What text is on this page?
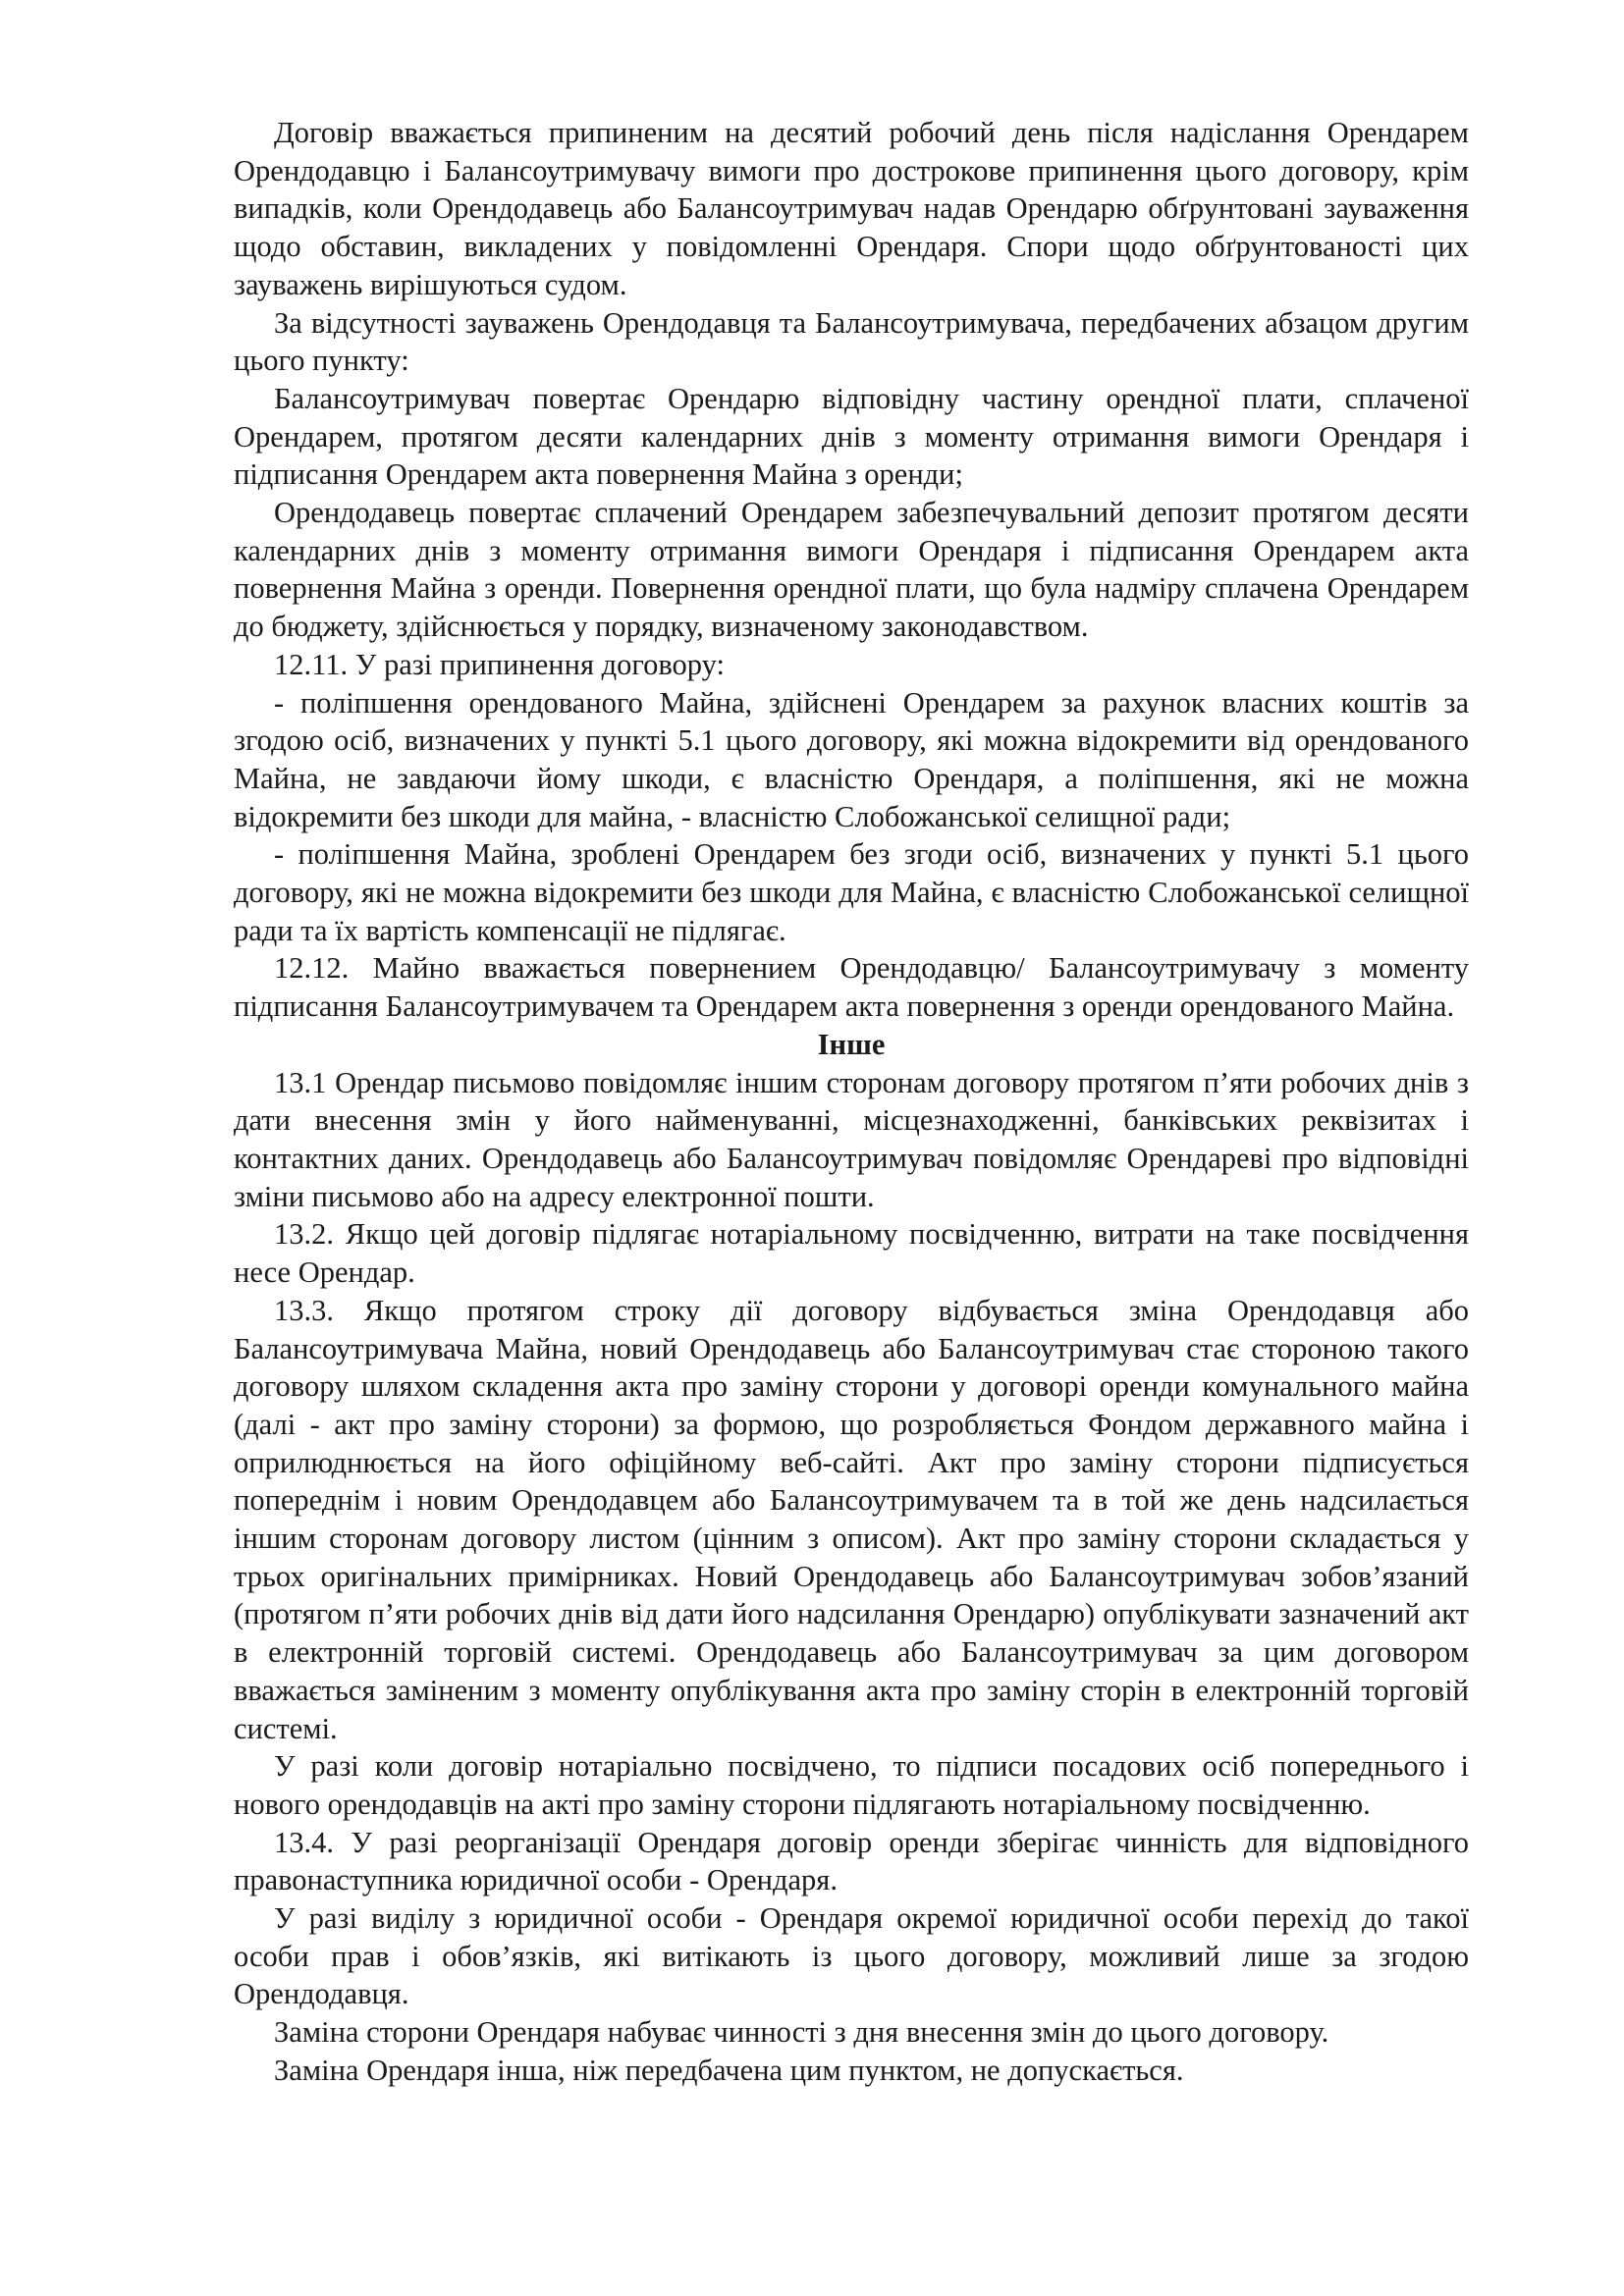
Договір вважається припиненим на десятий робочий день після надіслання Орендарем Орендодавцю і Балансоутримувачу вимоги про дострокове припинення цього договору, крім випадків, коли Орендодавець або Балансоутримувач надав Орендарю обґрунтовані зауваження щодо обставин, викладених у повідомленні Орендаря. Спори щодо обґрунтованості цих зауважень вирішуються судом.

За відсутності зауважень Орендодавця та Балансоутримувача, передбачених абзацом другим цього пункту:

Балансоутримувач повертає Орендарю відповідну частину орендної плати, сплаченої Орендарем, протягом десяти календарних днів з моменту отримання вимоги Орендаря і підписання Орендарем акта повернення Майна з оренди;

Орендодавець повертає сплачений Орендарем забезпечувальний депозит протягом десяти календарних днів з моменту отримання вимоги Орендаря і підписання Орендарем акта повернення Майна з оренди. Повернення орендної плати, що була надміру сплачена Орендарем до бюджету, здійснюється у порядку, визначеному законодавством.

12.11. У разі припинення договору:

- поліпшення орендованого Майна, здійснені Орендарем за рахунок власних коштів за згодою осіб, визначених у пункті 5.1 цього договору, які можна відокремити від орендованого Майна, не завдаючи йому шкоди, є власністю Орендаря, а поліпшення, які не можна відокремити без шкоди для майна, - власністю Слобожанської селищної ради;

- поліпшення Майна, зроблені Орендарем без згоди осіб, визначених у пункті 5.1 цього договору, які не можна відокремити без шкоди для Майна, є власністю Слобожанської селищної ради та їх вартість компенсації не підлягає.

12.12. Майно вважається повернением Орендодавцю/ Балансоутримувачу з моменту підписання Балансоутримувачем та Орендарем акта повернення з оренди орендованого Майна.

Інше

13.1 Орендар письмово повідомляє іншим сторонам договору протягом п’яти робочих днів з дати внесення змін у його найменуванні, місцезнаходженні, банківських реквізитах і контактних даних. Орендодавець або Балансоутримувач повідомляє Орендареві про відповідні зміни письмово або на адресу електронної пошти.

13.2. Якщо цей договір підлягає нотаріальному посвідченню, витрати на таке посвідчення несе Орендар.

13.3. Якщо протягом строку дії договору відбувається зміна Орендодавця або Балансоутримувача Майна, новий Орендодавець або Балансоутримувач стає стороною такого договору шляхом складення акта про заміну сторони у договорі оренди комунального майна (далі - акт про заміну сторони) за формою, що розробляється Фондом державного майна і оприлюднюється на його офіційному веб-сайті. Акт про заміну сторони підписується попереднім і новим Орендодавцем або Балансоутримувачем та в той же день надсилається іншим сторонам договору листом (цінним з описом). Акт про заміну сторони складається у трьох оригінальних примірниках. Новий Орендодавець або Балансоутримувач зобов’язаний (протягом п’яти робочих днів від дати його надсилання Орендарю) опублікувати зазначений акт в електронній торговій системі. Орендодавець або Балансоутримувач за цим договором вважається заміненим з моменту опублікування акта про заміну сторін в електронній торговій системі.

У разі коли договір нотаріально посвідчено, то підписи посадових осіб попереднього і нового орендодавців на акті про заміну сторони підлягають нотаріальному посвідченню.

13.4. У разі реорганізації Орендаря договір оренди зберігає чинність для відповідного правонаступника юридичної особи - Орендаря.

У разі виділу з юридичної особи - Орендаря окремої юридичної особи перехід до такої особи прав і обов’язків, які витікають із цього договору, можливий лише за згодою Орендодавця.

Заміна сторони Орендаря набуває чинності з дня внесення змін до цього договору.

Заміна Орендаря інша, ніж передбачена цим пунктом, не допускається.
